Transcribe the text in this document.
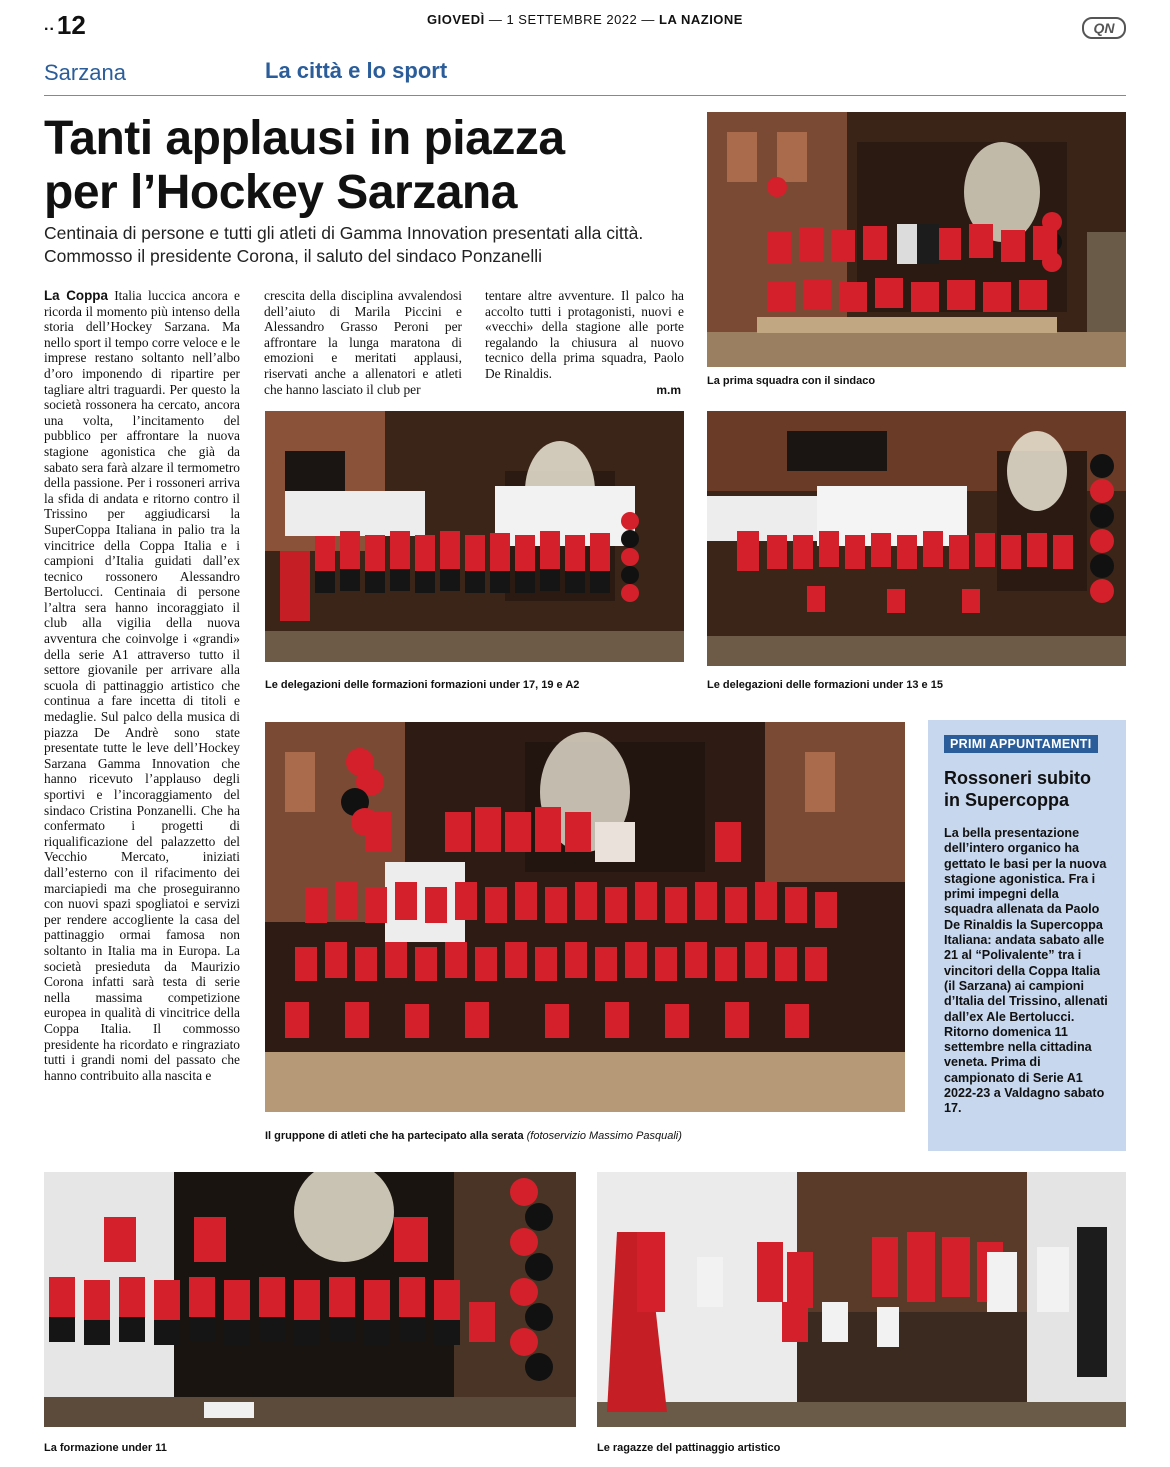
..12	GIOVEDÌ — 1 SETTEMBRE 2022 — LA NAZIONE
QN
Sarzana	La città e lo sport
Tanti applausi in piazza
per l’Hockey Sarzana

Centinaia di persone e tutti gli atleti di Gamma Innovation presentati alla città. Commosso il presidente Corona, il saluto del sindaco Ponzanelli

La Coppa Italia luccica ancora e ricorda il momento più intenso della storia dell’Hockey Sarzana. Ma nello sport il tempo corre veloce e le imprese restano soltanto nell’albo d’oro imponendo di ripartire per tagliare altri traguardi. Per questo la società rossonera ha cercato, ancora una volta, l’incitamento del pubblico per affrontare la nuova stagione agonistica che già da sabato sera farà alzare il termometro della passione. Per i rossoneri arriva la sfida di andata e ritorno contro il Trissino per aggiudicarsi la SuperCoppa Italiana in palio tra la vincitrice della Coppa Italia e i campioni d’Italia guidati dall’ex tecnico rossonero Alessandro Bertolucci. Centinaia di persone l’altra sera hanno incoraggiato il club alla vigilia della nuova avventura che coinvolge i «grandi» della serie A1 attraverso tutto il settore giovanile per arrivare alla scuola di pattinaggio artistico che continua a fare incetta di titoli e medaglie. Sul palco della musica di piazza De Andrè sono state presentate tutte le leve dell’Hockey Sarzana Gamma Innovation che hanno ricevuto l’applauso degli sportivi e l’incoraggiamento del sindaco Cristina Ponzanelli. Che ha confermato i progetti di riqualificazione del palazzetto del Vecchio Mercato, iniziati dall’esterno con il rifacimento dei marciapiedi ma che proseguiranno con nuovi spazi spogliatoi e servizi per rendere accogliente la casa del pattinaggio ormai famosa non soltanto in Italia ma in Europa. La società presieduta da Maurizio Corona infatti sarà testa di serie nella massima competizione europea in qualità di vincitrice della Coppa Italia. Il commosso presidente ha ricordato e ringraziato tutti i grandi nomi del passato che hanno contribuito alla nascita e

crescita della disciplina avvalendosi dell’aiuto di Marila Piccini e Alessandro Grasso Peroni per affrontare la lunga maratona di emozioni e meritati applausi, riservati anche a allenatori e atleti che hanno lasciato il club per

tentare altre avventure. Il palco ha accolto tutti i protagonisti, nuovi e «vecchi» della stagione alle porte regalando la chiusura al nuovo tecnico della prima squadra, Paolo De Rinaldis.

m.m
La prima squadra con il sindaco
Le delegazioni delle formazioni formazioni under 17, 19 e A2	Le delegazioni delle formazioni under 13 e 15
Il gruppone di atleti che ha partecipato alla serata (fotoservizio Massimo Pasquali)
PRIMI APPUNTAMENTI
Rossoneri subito in Supercoppa

La bella presentazione dell’intero organico ha gettato le basi per la nuova stagione agonistica. Fra i primi impegni della squadra allenata da Paolo De Rinaldis la Supercoppa Italiana: andata sabato alle 21 al “Polivalente” tra i vincitori della Coppa Italia (il Sarzana) ai campioni d’Italia del Trissino, allenati dall’ex Ale Bertolucci. Ritorno domenica 11 settembre nella cittadina veneta. Prima di campionato di Serie A1 2022-23 a Valdagno sabato 17.

La formazione under 11	Le ragazze del pattinaggio artistico
